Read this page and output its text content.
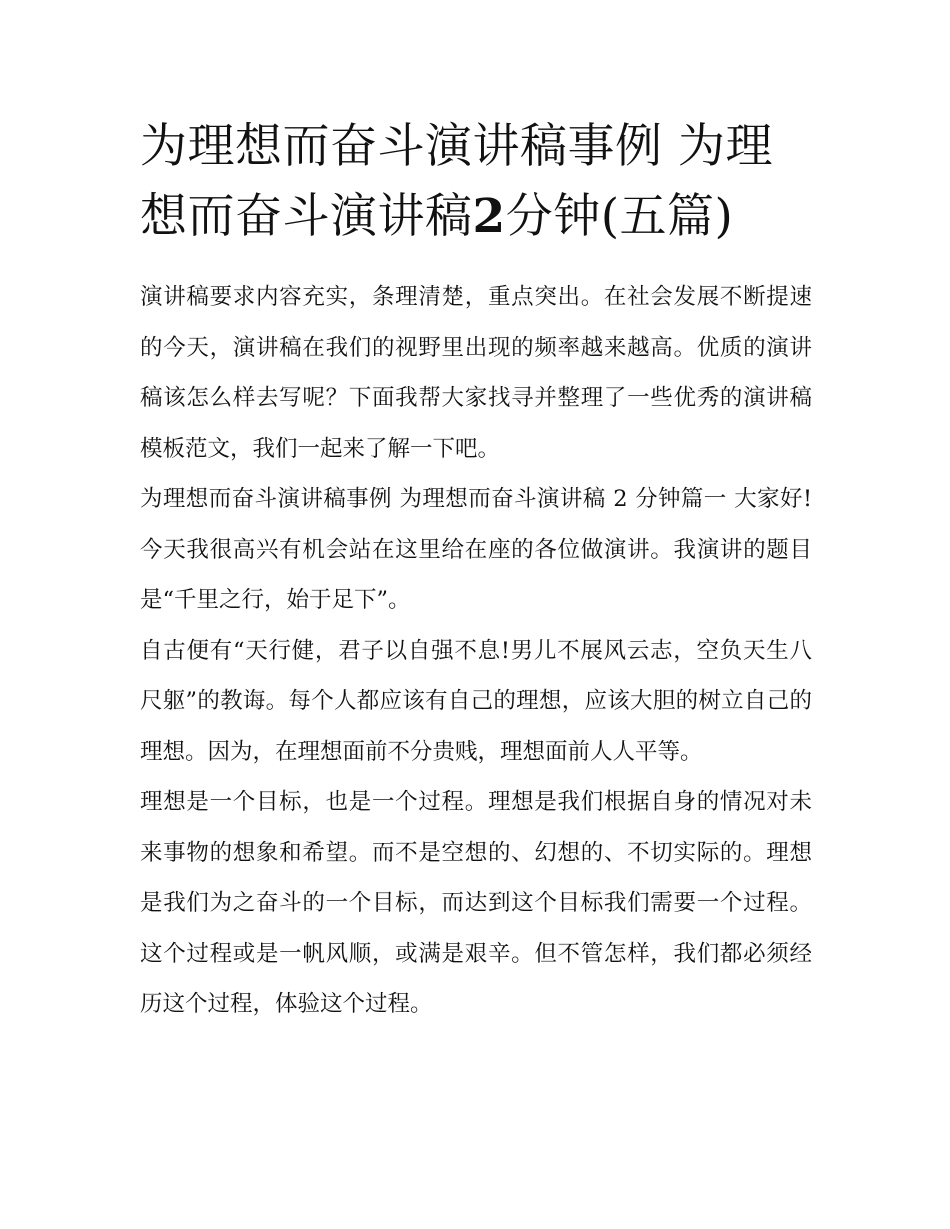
为理想而奋斗演讲稿事例 为理想而奋斗演讲稿2分钟(五篇)

演讲稿要求内容充实，条理清楚，重点突出。在社会发展不断提速的今天，演讲稿在我们的视野里出现的频率越来越高。优质的演讲稿该怎么样去写呢？下面我帮大家找寻并整理了一些优秀的演讲稿模板范文，我们一起来了解一下吧。

为理想而奋斗演讲稿事例 为理想而奋斗演讲稿 2 分钟篇一 大家好! 今天我很高兴有机会站在这里给在座的各位做演讲。我演讲的题目是“千里之行，始于足下”。

自古便有“天行健，君子以自强不息!男儿不展风云志，空负天生八尺躯”的教诲。每个人都应该有自己的理想，应该大胆的树立自己的理想。因为，在理想面前不分贵贱，理想面前人人平等。

理想是一个目标，也是一个过程。理想是我们根据自身的情况对未来事物的想象和希望。而不是空想的、幻想的、不切实际的。理想是我们为之奋斗的一个目标，而达到这个目标我们需要一个过程。这个过程或是一帆风顺，或满是艰辛。但不管怎样，我们都必须经历这个过程，体验这个过程。
